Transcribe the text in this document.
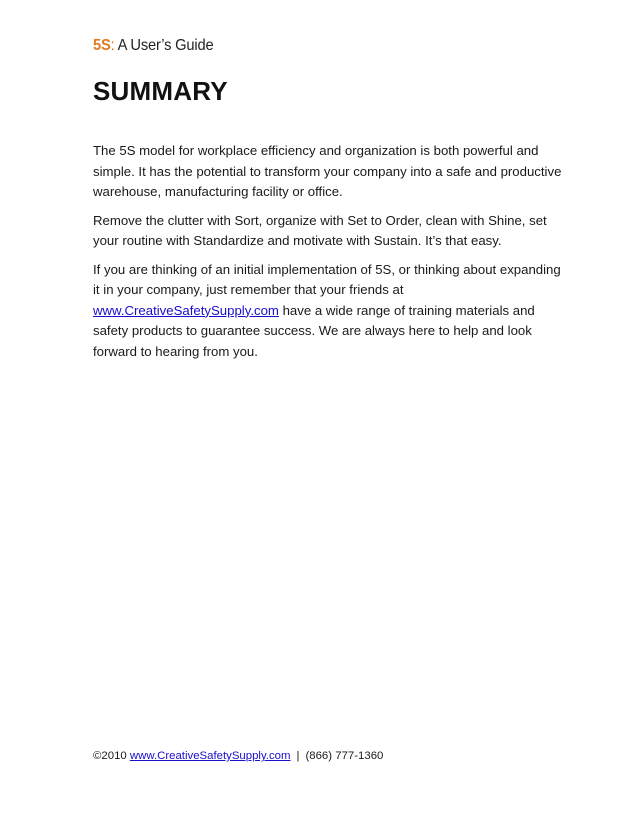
5S: A User’s Guide
SUMMARY

The 5S model for workplace efficiency and organization is both powerful and simple. It has the potential to transform your company into a safe and productive warehouse, manufacturing facility or office.

Remove the clutter with Sort, organize with Set to Order, clean with Shine, set your routine with Standardize and motivate with Sustain. It’s that easy.

If you are thinking of an initial implementation of 5S, or thinking about expanding it in your company, just remember that your friends at www.CreativeSafetySupply.com have a wide range of training materials and safety products to guarantee success. We are always here to help and look forward to hearing from you.

©2010 www.CreativeSafetySupply.com | (866) 777-1360
